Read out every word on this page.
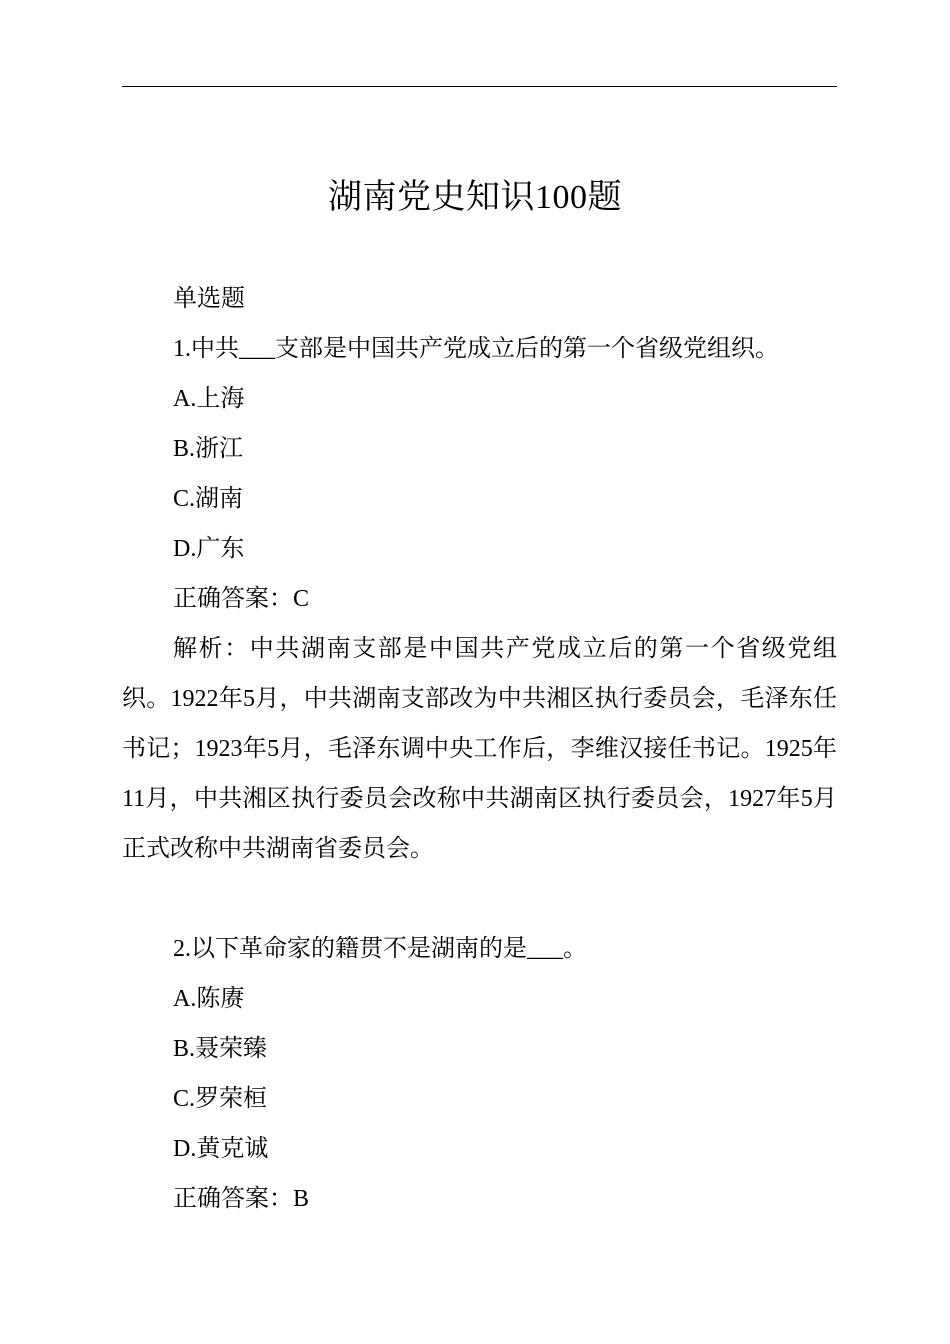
湖南党史知识100题

单选题

1.中共___支部是中国共产党成立后的第一个省级党组织。

A.上海

B.浙江

C.湖南

D.广东

正确答案：C

解析：中共湖南支部是中国共产党成立后的第一个省级党组织。1922年5月，中共湖南支部改为中共湘区执行委员会，毛泽东任书记；1923年5月，毛泽东调中央工作后，李维汉接任书记。1925年11月，中共湘区执行委员会改称中共湖南区执行委员会，1927年5月正式改称中共湖南省委员会。

2.以下革命家的籍贯不是湖南的是___。

A.陈赓

B.聂荣臻

C.罗荣桓

D.黄克诚

正确答案：B
